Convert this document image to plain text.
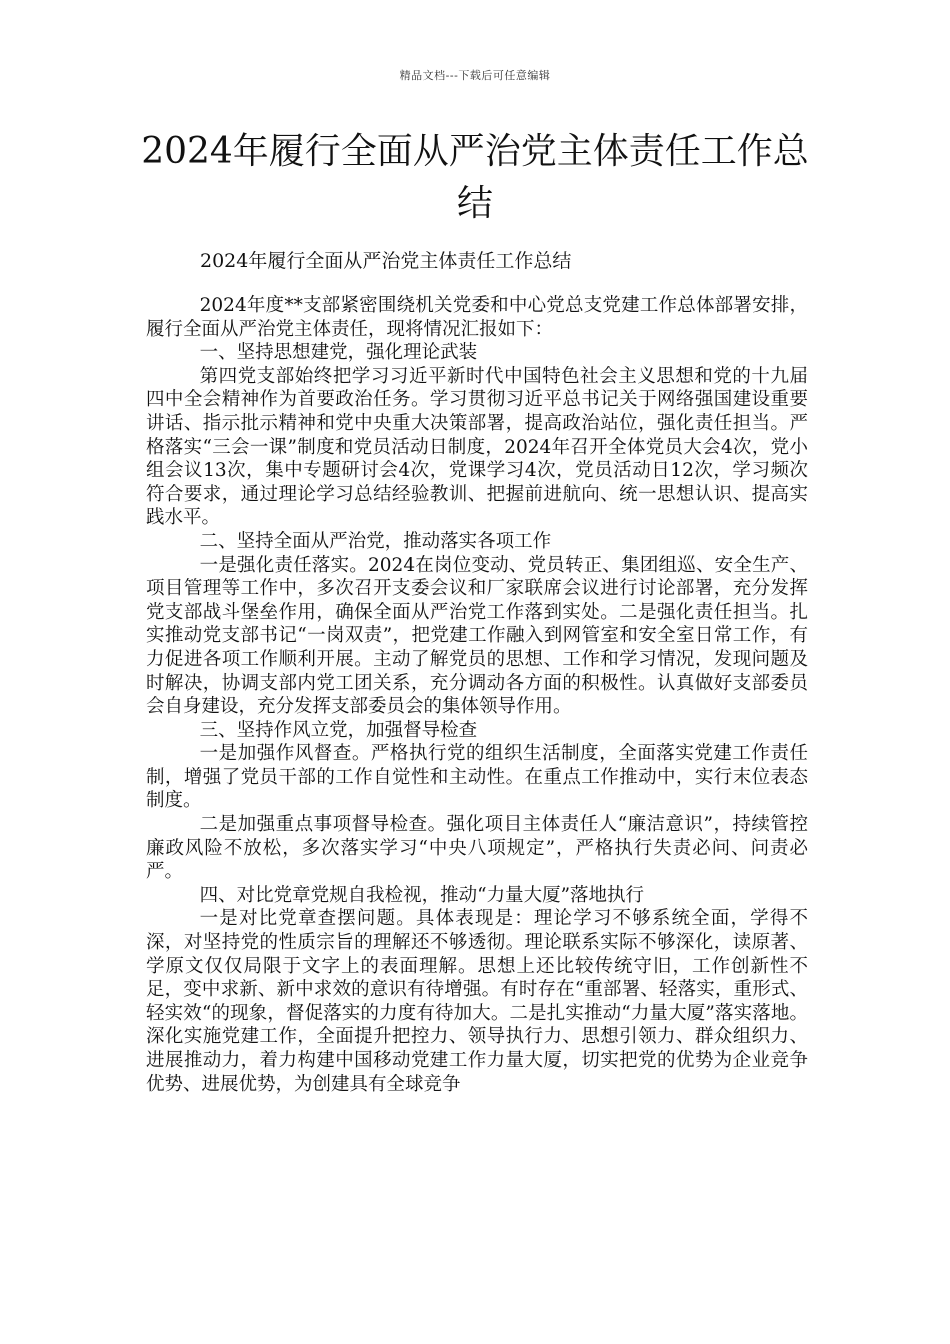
精品文档---下载后可任意编辑
2024年履行全面从严治党主体责任工作总结
2024年履行全面从严治党主体责任工作总结

2024年度**支部紧密围绕机关党委和中心党总支党建工作总体部署安排，履行全面从严治党主体责任，现将情况汇报如下：

一、坚持思想建党，强化理论武装

第四党支部始终把学习习近平新时代中国特色社会主义思想和党的十九届四中全会精神作为首要政治任务。学习贯彻习近平总书记关于网络强国建设重要讲话、指示批示精神和党中央重大决策部署，提高政治站位，强化责任担当。严格落实“三会一课”制度和党员活动日制度，2024年召开全体党员大会4次，党小组会议13次，集中专题研讨会4次，党课学习4次，党员活动日12次，学习频次符合要求，通过理论学习总结经验教训、把握前进航向、统一思想认识、提高实践水平。

二、坚持全面从严治党，推动落实各项工作

一是强化责任落实。2024在岗位变动、党员转正、集团组巡、安全生产、项目管理等工作中，多次召开支委会议和厂家联席会议进行讨论部署，充分发挥党支部战斗堡垒作用，确保全面从严治党工作落到实处。二是强化责任担当。扎实推动党支部书记“一岗双责”，把党建工作融入到网管室和安全室日常工作，有力促进各项工作顺利开展。主动了解党员的思想、工作和学习情况，发现问题及时解决，协调支部内党工团关系，充分调动各方面的积极性。认真做好支部委员会自身建设，充分发挥支部委员会的集体领导作用。

三、坚持作风立党，加强督导检查

一是加强作风督查。严格执行党的组织生活制度，全面落实党建工作责任制，增强了党员干部的工作自觉性和主动性。在重点工作推动中，实行末位表态制度。

二是加强重点事项督导检查。强化项目主体责任人“廉洁意识”，持续管控廉政风险不放松，多次落实学习“中央八项规定”，严格执行失责必问、问责必严。

四、对比党章党规自我检视，推动“力量大厦”落地执行

一是对比党章查摆问题。具体表现是：理论学习不够系统全面，学得不深，对坚持党的性质宗旨的理解还不够透彻。理论联系实际不够深化，读原著、学原文仅仅局限于文字上的表面理解。思想上还比较传统守旧，工作创新性不足，变中求新、新中求效的意识有待增强。有时存在“重部署、轻落实，重形式、轻实效“的现象，督促落实的力度有待加大。二是扎实推动“力量大厦”落实落地。深化实施党建工作，全面提升把控力、领导执行力、思想引领力、群众组织力、进展推动力，着力构建中国移动党建工作力量大厦，切实把党的优势为企业竞争优势、进展优势，为创建具有全球竞争
